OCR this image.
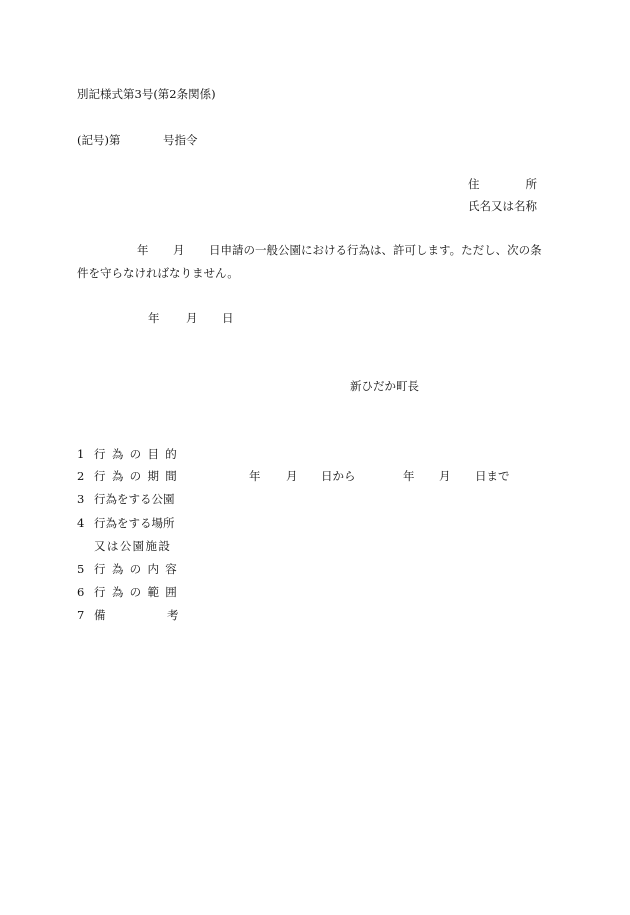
別記様式第3号(第2条関係)
(記号)第	号指令
住　　　　所
氏名又は名称
年 月 日申請の一般公園における行為は、許可します。ただし、次の条
件を守らなければなりません。
年 月 日
新ひだか町長
1 行為の目的
2 行為の期間	年 月 日から	年 月 日まで
3 行為をする公園
4 行為をする場所
又は公園施設
5 行為の内容
6 行為の範囲
7 備	考
